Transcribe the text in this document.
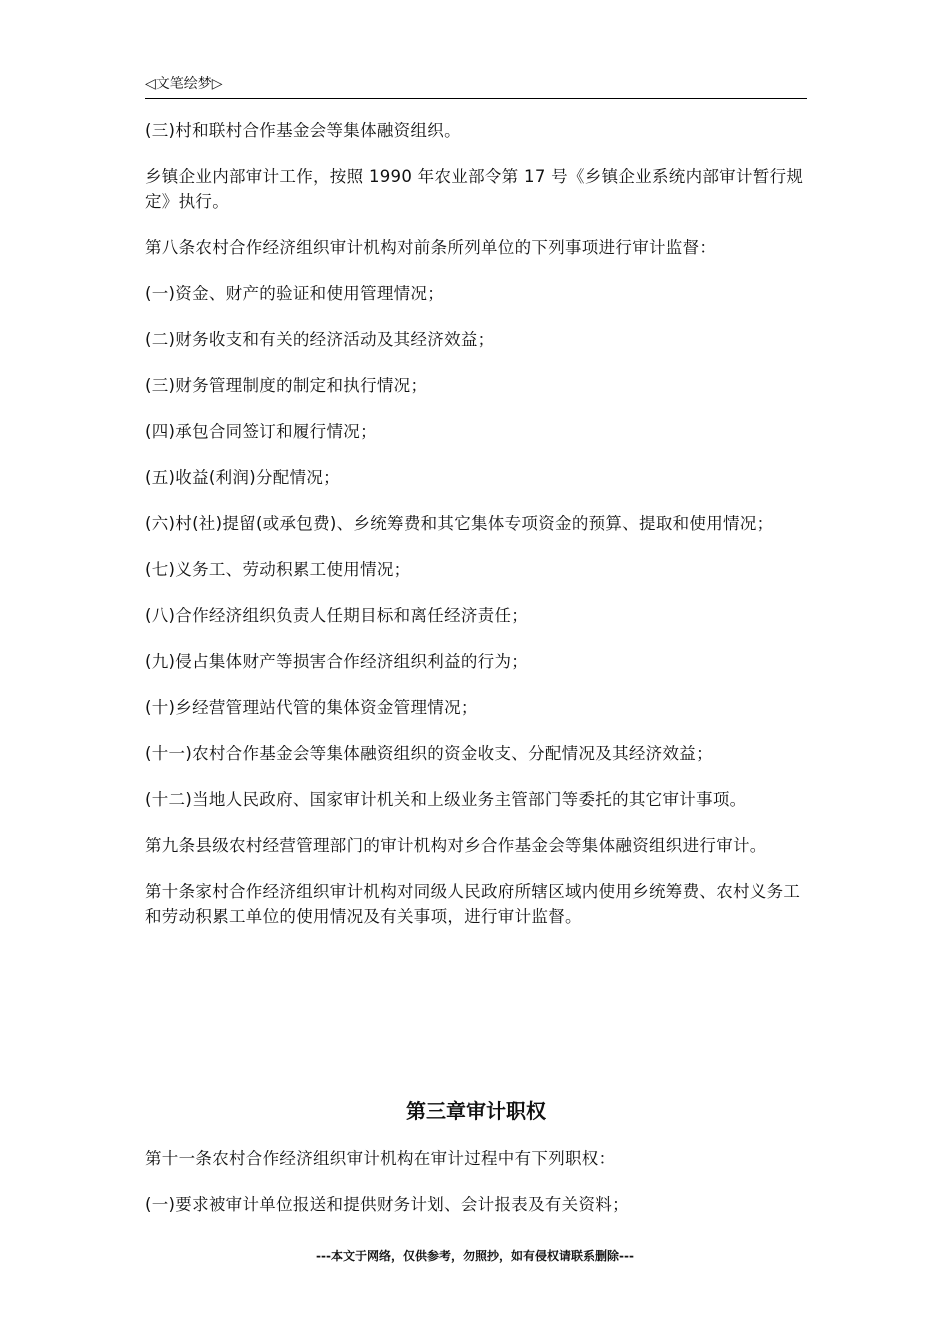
◁文笔绘梦▷

(三)村和联村合作基金会等集体融资组织。

乡镇企业内部审计工作，按照 1990 年农业部令第 17 号《乡镇企业系统内部审计暂行规定》执行。

第八条农村合作经济组织审计机构对前条所列单位的下列事项进行审计监督：

(一)资金、财产的验证和使用管理情况；

(二)财务收支和有关的经济活动及其经济效益；

(三)财务管理制度的制定和执行情况；

(四)承包合同签订和履行情况；

(五)收益(利润)分配情况；

(六)村(社)提留(或承包费)、乡统筹费和其它集体专项资金的预算、提取和使用情况；

(七)义务工、劳动积累工使用情况；

(八)合作经济组织负责人任期目标和离任经济责任；

(九)侵占集体财产等损害合作经济组织利益的行为；

(十)乡经营管理站代管的集体资金管理情况；

(十一)农村合作基金会等集体融资组织的资金收支、分配情况及其经济效益；

(十二)当地人民政府、国家审计机关和上级业务主管部门等委托的其它审计事项。

第九条县级农村经营管理部门的审计机构对乡合作基金会等集体融资组织进行审计。

第十条家村合作经济组织审计机构对同级人民政府所辖区域内使用乡统筹费、农村义务工和劳动积累工单位的使用情况及有关事项，进行审计监督。

第三章审计职权

第十一条农村合作经济组织审计机构在审计过程中有下列职权：

(一)要求被审计单位报送和提供财务计划、会计报表及有关资料；

---本文于网络，仅供参考，勿照抄，如有侵权请联系删除---
